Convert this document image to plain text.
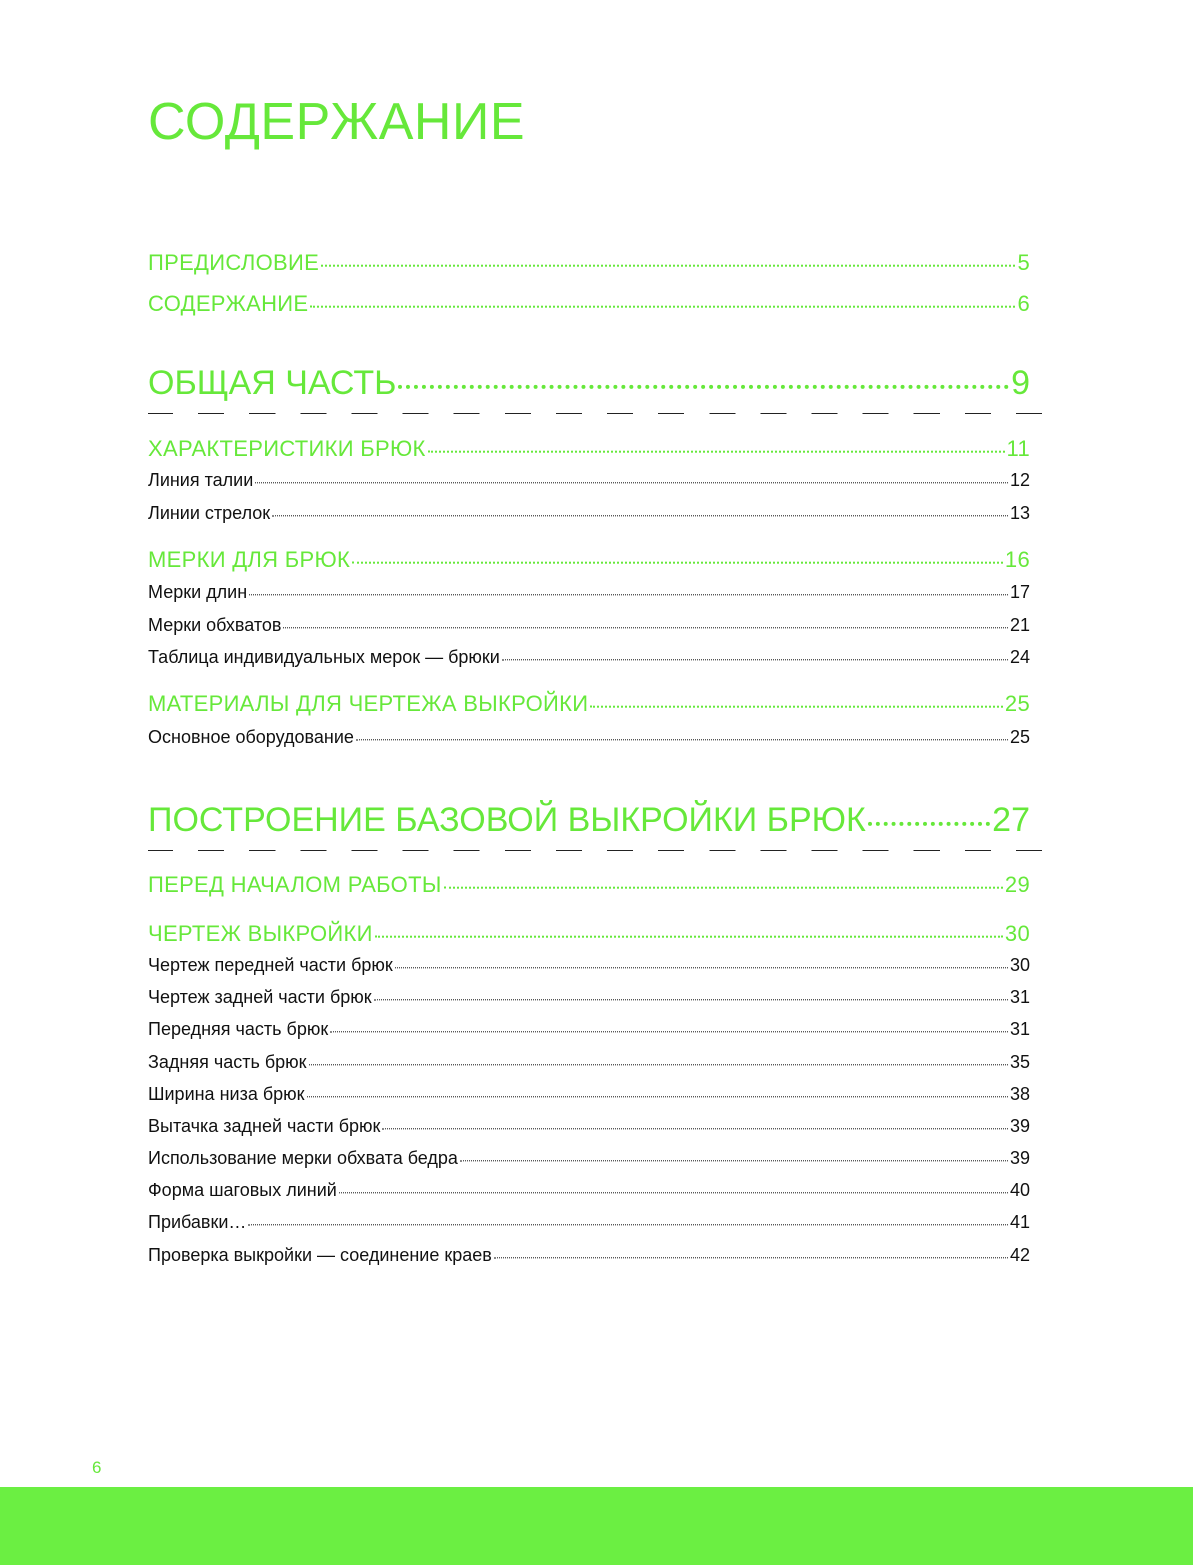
СОДЕРЖАНИЕ
ПРЕДИСЛОВИЕ	5
СОДЕРЖАНИЕ	6
ОБЩАЯ ЧАСТЬ	9
ХАРАКТЕРИСТИКИ БРЮК	11
Линия талии	12
Линии стрелок	13
МЕРКИ ДЛЯ БРЮК	16
Мерки длин	17
Мерки обхватов	21
Таблица индивидуальных мерок — брюки	24
МАТЕРИАЛЫ ДЛЯ ЧЕРТЕЖА ВЫКРОЙКИ	25
Основное оборудование	25
ПОСТРОЕНИЕ БАЗОВОЙ ВЫКРОЙКИ БРЮК	27
ПЕРЕД НАЧАЛОМ РАБОТЫ	29
ЧЕРТЕЖ ВЫКРОЙКИ	30
Чертеж передней части брюк	30
Чертеж задней части брюк	31
Передняя часть брюк	31
Задняя часть брюк	35
Ширина низа брюк	38
Вытачка задней части брюк	39
Использование мерки обхвата бедра	39
Форма шаговых линий	40
Прибавки…	41
Проверка выкройки — соединение краев	42
6
